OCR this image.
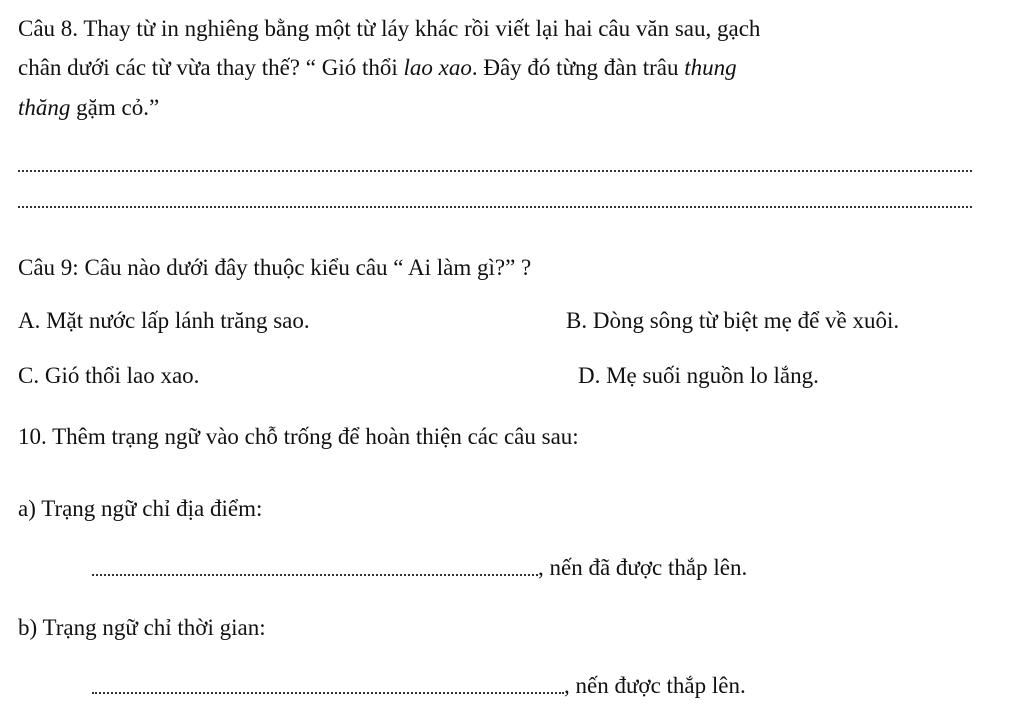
Câu 8. Thay từ in nghiêng bằng một từ láy khác rồi viết lại hai câu văn sau, gạch
chân dưới các từ vừa thay thế? “ Gió thổi lao xao. Đây đó từng đàn trâu thung
thăng gặm cỏ.”
Câu 9: Câu nào dưới đây thuộc kiểu câu “ Ai làm gì?” ?
A. Mặt nước lấp lánh trăng sao.	B. Dòng sông từ biệt mẹ để về xuôi.
C. Gió thổi lao xao.	D. Mẹ suối nguồn lo lắng.
10. Thêm trạng ngữ vào chỗ trống để hoàn thiện các câu sau:
a) Trạng ngữ chỉ địa điểm:
, nến đã được thắp lên.
b) Trạng ngữ chỉ thời gian:
, nến được thắp lên.
